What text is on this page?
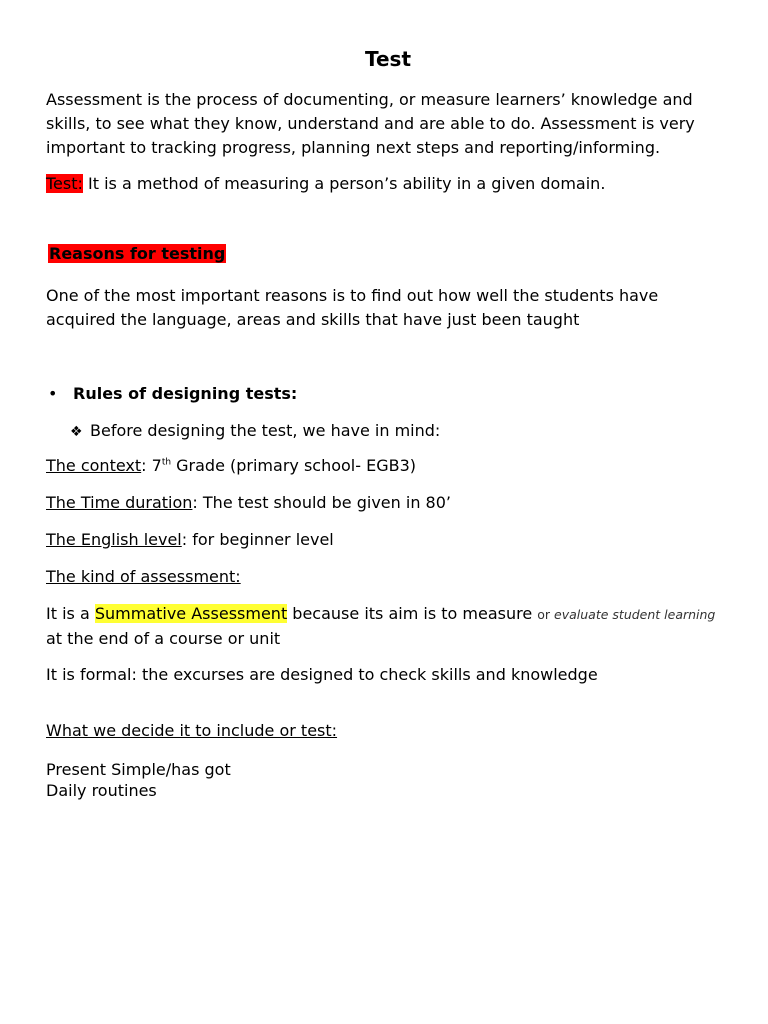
Test

Assessment is the process of documenting, or measure learners’ knowledge and skills, to see what they know, understand and are able to do. Assessment is very important to tracking progress, planning next steps and reporting/informing.

Test: It is a method of measuring a person’s ability in a given domain.

Reasons for testing

One of the most important reasons is to find out how well the students have acquired the language, areas and skills that have just been taught

• Rules of designing tests:
❖ Before designing the test, we have in mind:

The context: 7th Grade (primary school- EGB3)

The Time duration: The test should be given in 80’

The English level: for beginner level

The kind of assessment:

It is a Summative Assessment because its aim is to measure or evaluate student learning at the end of a course or unit

It is formal: the excurses are designed to check skills and knowledge

What we decide it to include or test:

Present Simple/has got
Daily routines
